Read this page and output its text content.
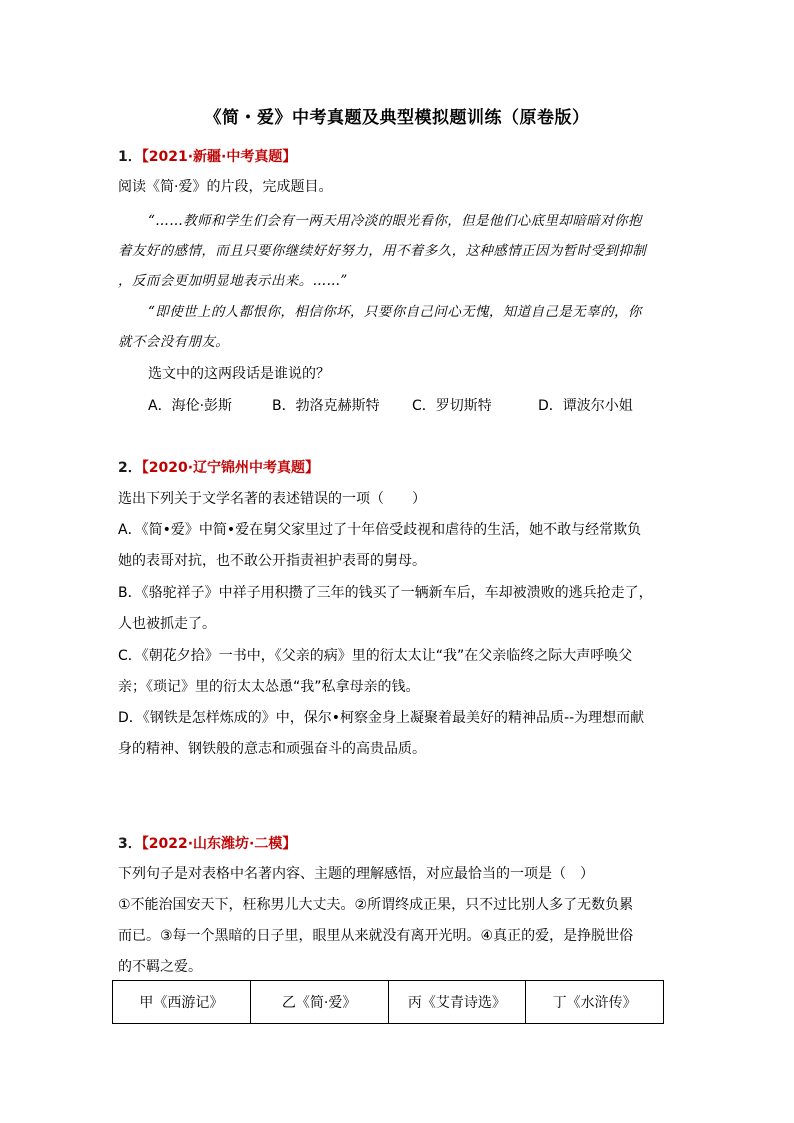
《简・爱》中考真题及典型模拟题训练（原卷版）
1．【2021·新疆·中考真题】
阅读《简·爱》的片段，完成题目。
“……教师和学生们会有一两天用冷淡的眼光看你，但是他们心底里却暗暗对你抱
着友好的感情，而且只要你继续好好努力，用不着多久，这种感情正因为暂时受到抑制
，反而会更加明显地表示出来。……”
“即使世上的人都恨你，相信你坏，只要你自己问心无愧，知道自己是无辜的，你
就不会没有朋友。
选文中的这两段话是谁说的？
A．海伦·彭斯	B．勃洛克赫斯特 C．罗切斯特	D．谭波尔小姐
2．【2020·辽宁锦州中考真题】
选出下列关于文学名著的表述错误的一项（　　）
A．《简•爱》中简•爱在舅父家里过了十年倍受歧视和虐待的生活，她不敢与经常欺负
她的表哥对抗，也不敢公开指责袒护表哥的舅母。
B．《骆驼祥子》中祥子用积攒了三年的钱买了一辆新车后，车却被溃败的逃兵抢走了，
人也被抓走了。
C．《朝花夕拾》一书中，《父亲的病》里的衍太太让“我”在父亲临终之际大声呼唤父
亲；《琐记》里的衍太太怂恿“我”私拿母亲的钱。
D．《钢铁是怎样炼成的》中，保尔•柯察金身上凝聚着最美好的精神品质--为理想而献
身的精神、钢铁般的意志和顽强奋斗的高贵品质。
3．【2022·山东潍坊·二模】
下列句子是对表格中名著内容、主题的理解感悟，对应最恰当的一项是（　）
①不能治国安天下，枉称男儿大丈夫。②所谓终成正果，只不过比别人多了无数负累
而已。③每一个黑暗的日子里，眼里从来就没有离开光明。④真正的爱，是挣脱世俗
的不羁之爱。
甲《西游记》	乙《简·爱》	丙《艾青诗选》	丁《水浒传》
